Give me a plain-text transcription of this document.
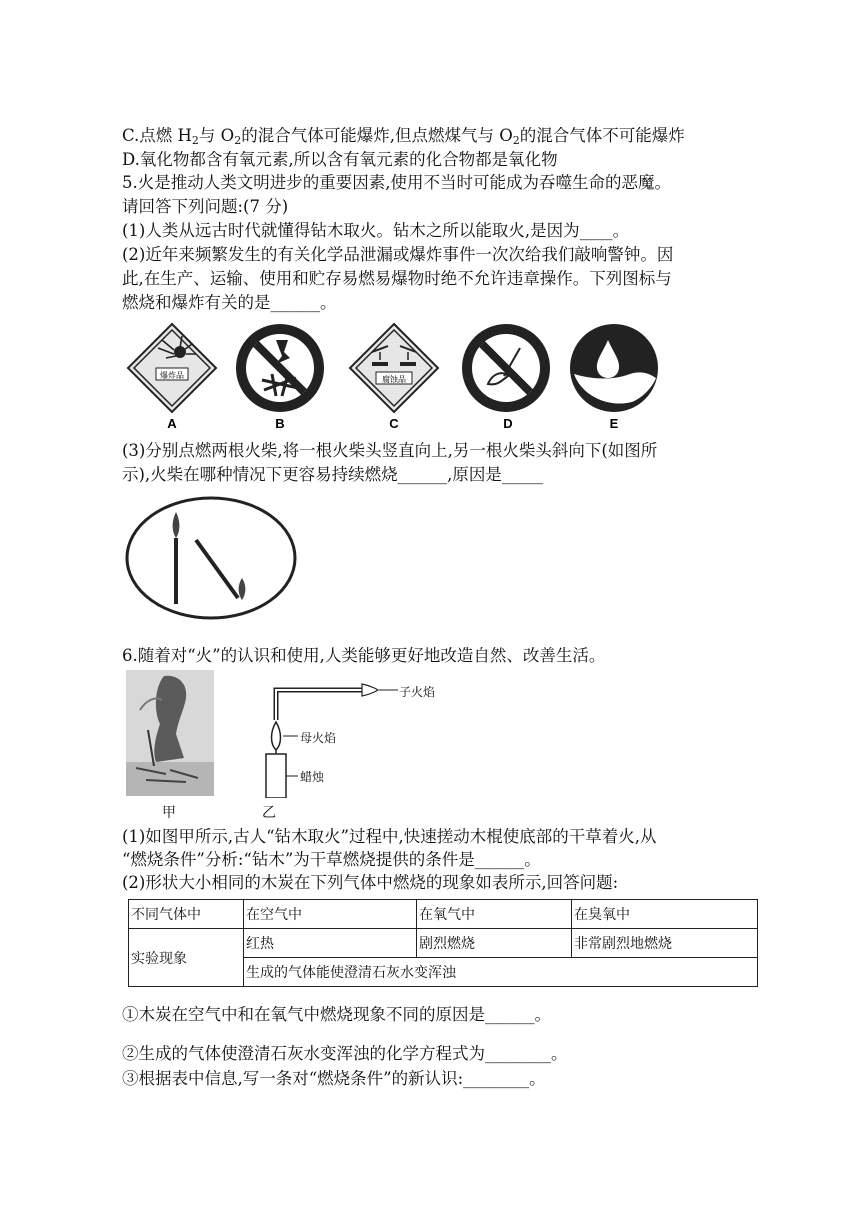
C.点燃 $H_2$与 $O_2$的混合气体可能爆炸,但点燃煤气与 $O_2$的混合气体不可能爆炸
D.氧化物都含有氧元素,所以含有氧元素的化合物都是氧化物
5.火是推动人类文明进步的重要因素,使用不当时可能成为吞噬生命的恶魔。
请回答下列问题:(7 分)
(1)人类从远古时代就懂得钻木取火。钻木之所以能取火,是因为____。
(2)近年来频繁发生的有关化学品泄漏或爆炸事件一次次给我们敲响警钟。因
此,在生产、运输、使用和贮存易燃易爆物时绝不允许违章操作。下列图标与
燃烧和爆炸有关的是______。
爆炸品
A	B
腐蚀品
C	D	E
(3)分别点燃两根火柴,将一根火柴头竖直向上,另一根火柴头斜向下(如图所
示),火柴在哪种情况下更容易持续燃烧______,原因是_____
6.随着对“火”的认识和使用,人类能够更好地改造自然、改善生活。
甲
子火焰
母火焰
蜡烛
乙
(1)如图甲所示,古人“钻木取火”过程中,快速搓动木棍使底部的干草着火,从
“燃烧条件”分析:“钻木”为干草燃烧提供的条件是______。
(2)形状大小相同的木炭在下列气体中燃烧的现象如表所示,回答问题:
不同气体中	在空气中	在氧气中	在臭氧中
实验现象	红热	剧烈燃烧	非常剧烈地燃烧
	生成的气体能使澄清石灰水变浑浊		
①木炭在空气中和在氧气中燃烧现象不同的原因是______。
②生成的气体使澄清石灰水变浑浊的化学方程式为________。
③根据表中信息,写一条对“燃烧条件”的新认识:________。
